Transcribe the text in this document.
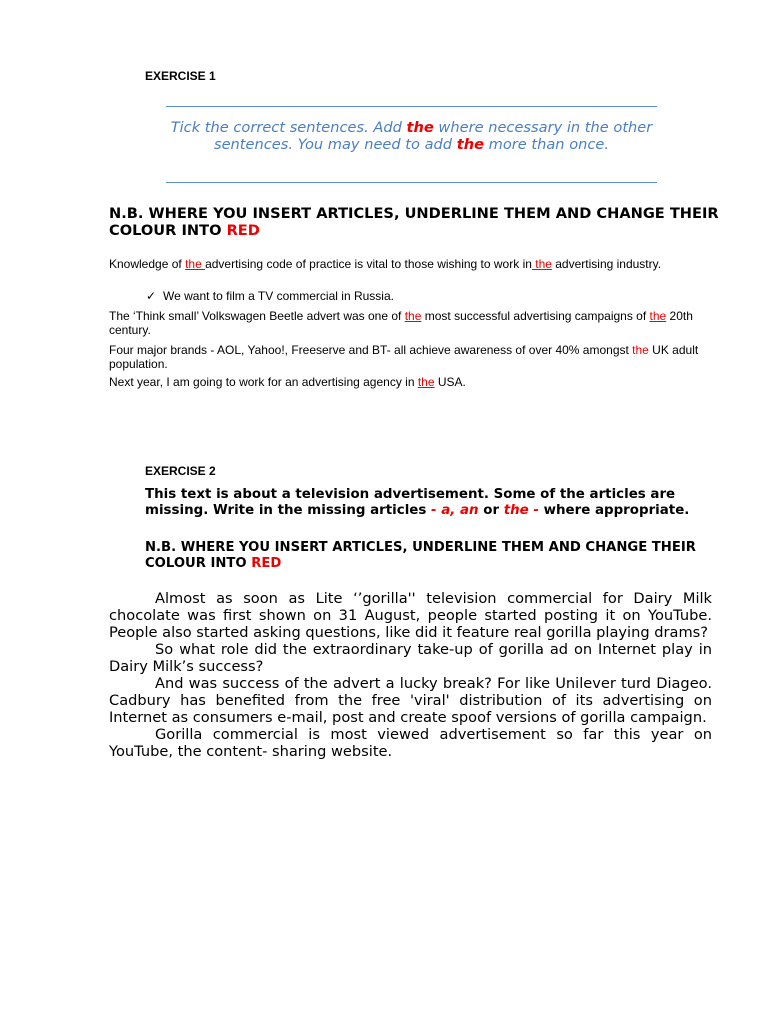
EXERCISE 1
Tick the correct sentences. Add the where necessary in the other sentences. You may need to add the more than once.
N.B. WHERE YOU INSERT ARTICLES, UNDERLINE THEM AND CHANGE THEIR COLOUR INTO RED
Knowledge of the advertising code of practice is vital to those wishing to work in the advertising industry.
✓ We want to film a TV commercial in Russia.
The ‘Think small’ Volkswagen Beetle advert was one of the most successful advertising campaigns of the 20th century.
Four major brands - AOL, Yahoo!, Freeserve and BT- all achieve awareness of over 40% amongst the UK adult population.
Next year, I am going to work for an advertising agency in the USA.
EXERCISE 2
This text is about a television advertisement. Some of the articles are missing. Write in the missing articles - a, an or the - where appropriate.
N.B. WHERE YOU INSERT ARTICLES, UNDERLINE THEM AND CHANGE THEIR COLOUR INTO RED

Almost as soon as Lite ‘’gorilla'' television commercial for Dairy Milk chocolate was first shown on 31 August, people started posting it on YouTube. People also started asking questions, like did it feature real gorilla playing drams?

So what role did the extraordinary take-up of gorilla ad on Internet play in Dairy Milk’s success?

And was success of the advert a lucky break? For like Unilever turd Diageo. Cadbury has benefited from the free 'viral' distribution of its advertising on Internet as consumers e-mail, post and create spoof versions of gorilla campaign.

Gorilla commercial is most viewed advertisement so far this year on YouTube, the content- sharing website.
